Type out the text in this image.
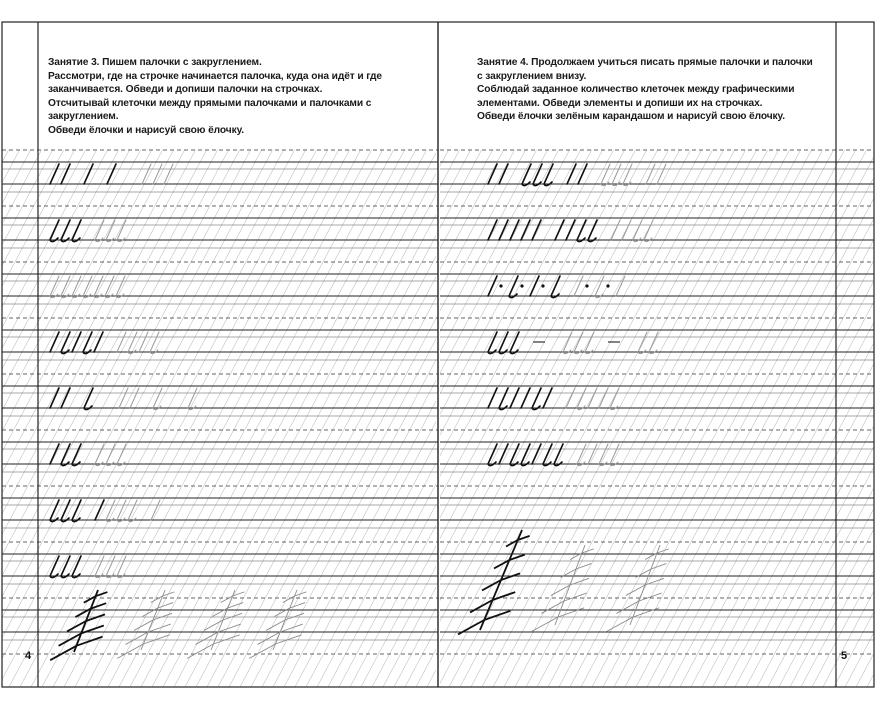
Занятие 3. Пишем палочки с закруглением.

Рассмотри, где на строчке начинается палочка, куда она идёт и где заканчивается. Обведи и допиши палочки на строчках.

Отсчитывай клеточки между прямыми палочками и палочками с закруглением.

Обведи ёлочки и нарисуй свою ёлочку.

Занятие 4. Продолжаем учиться писать прямые палочки и палочки с закруглением внизу.

Соблюдай заданное количество клеточек между графическими элементами. Обведи элементы и допиши их на строчках.

Обведи ёлочки зелёным карандашом и нарисуй свою ёлочку.

4	5
